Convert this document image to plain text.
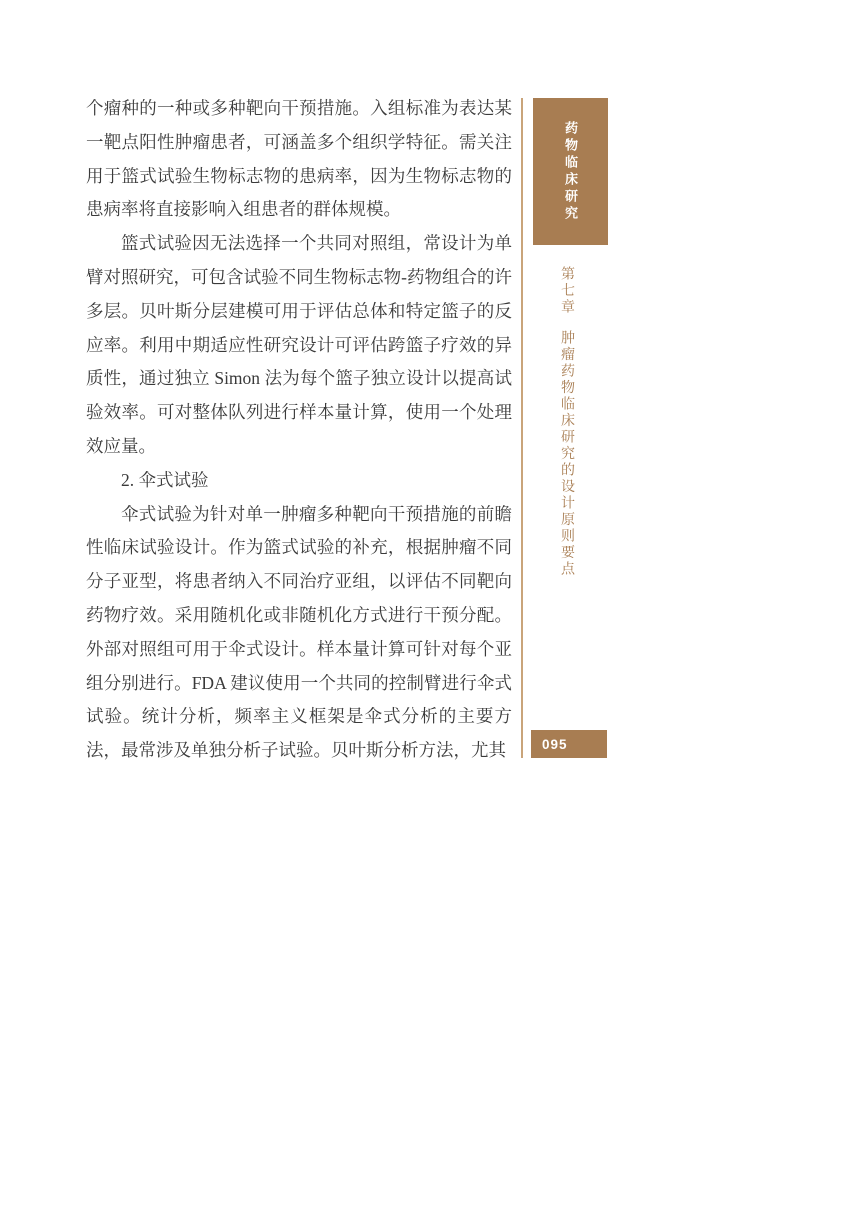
个瘤种的一种或多种靶向干预措施。入组标准为表达某一靶点阳性肿瘤患者，可涵盖多个组织学特征。需关注用于篮式试验生物标志物的患病率，因为生物标志物的患病率将直接影响入组患者的群体规模。

篮式试验因无法选择一个共同对照组，常设计为单臂对照研究，可包含试验不同生物标志物-药物组合的许多层。贝叶斯分层建模可用于评估总体和特定篮子的反应率。利用中期适应性研究设计可评估跨篮子疗效的异质性，通过独立 Simon 法为每个篮子独立设计以提高试验效率。可对整体队列进行样本量计算，使用一个处理效应量。

2. 伞式试验

伞式试验为针对单一肿瘤多种靶向干预措施的前瞻性临床试验设计。作为篮式试验的补充，根据肿瘤不同分子亚型，将患者纳入不同治疗亚组，以评估不同靶向药物疗效。采用随机化或非随机化方式进行干预分配。外部对照组可用于伞式设计。样本量计算可针对每个亚组分别进行。FDA 建议使用一个共同的控制臂进行伞式试验。统计分析，频率主义框架是伞式分析的主要方法，最常涉及单独分析子试验。贝叶斯分析方法，尤其

药物临床研究
第七章肿瘤药物临床研究的设计原则要点
095
